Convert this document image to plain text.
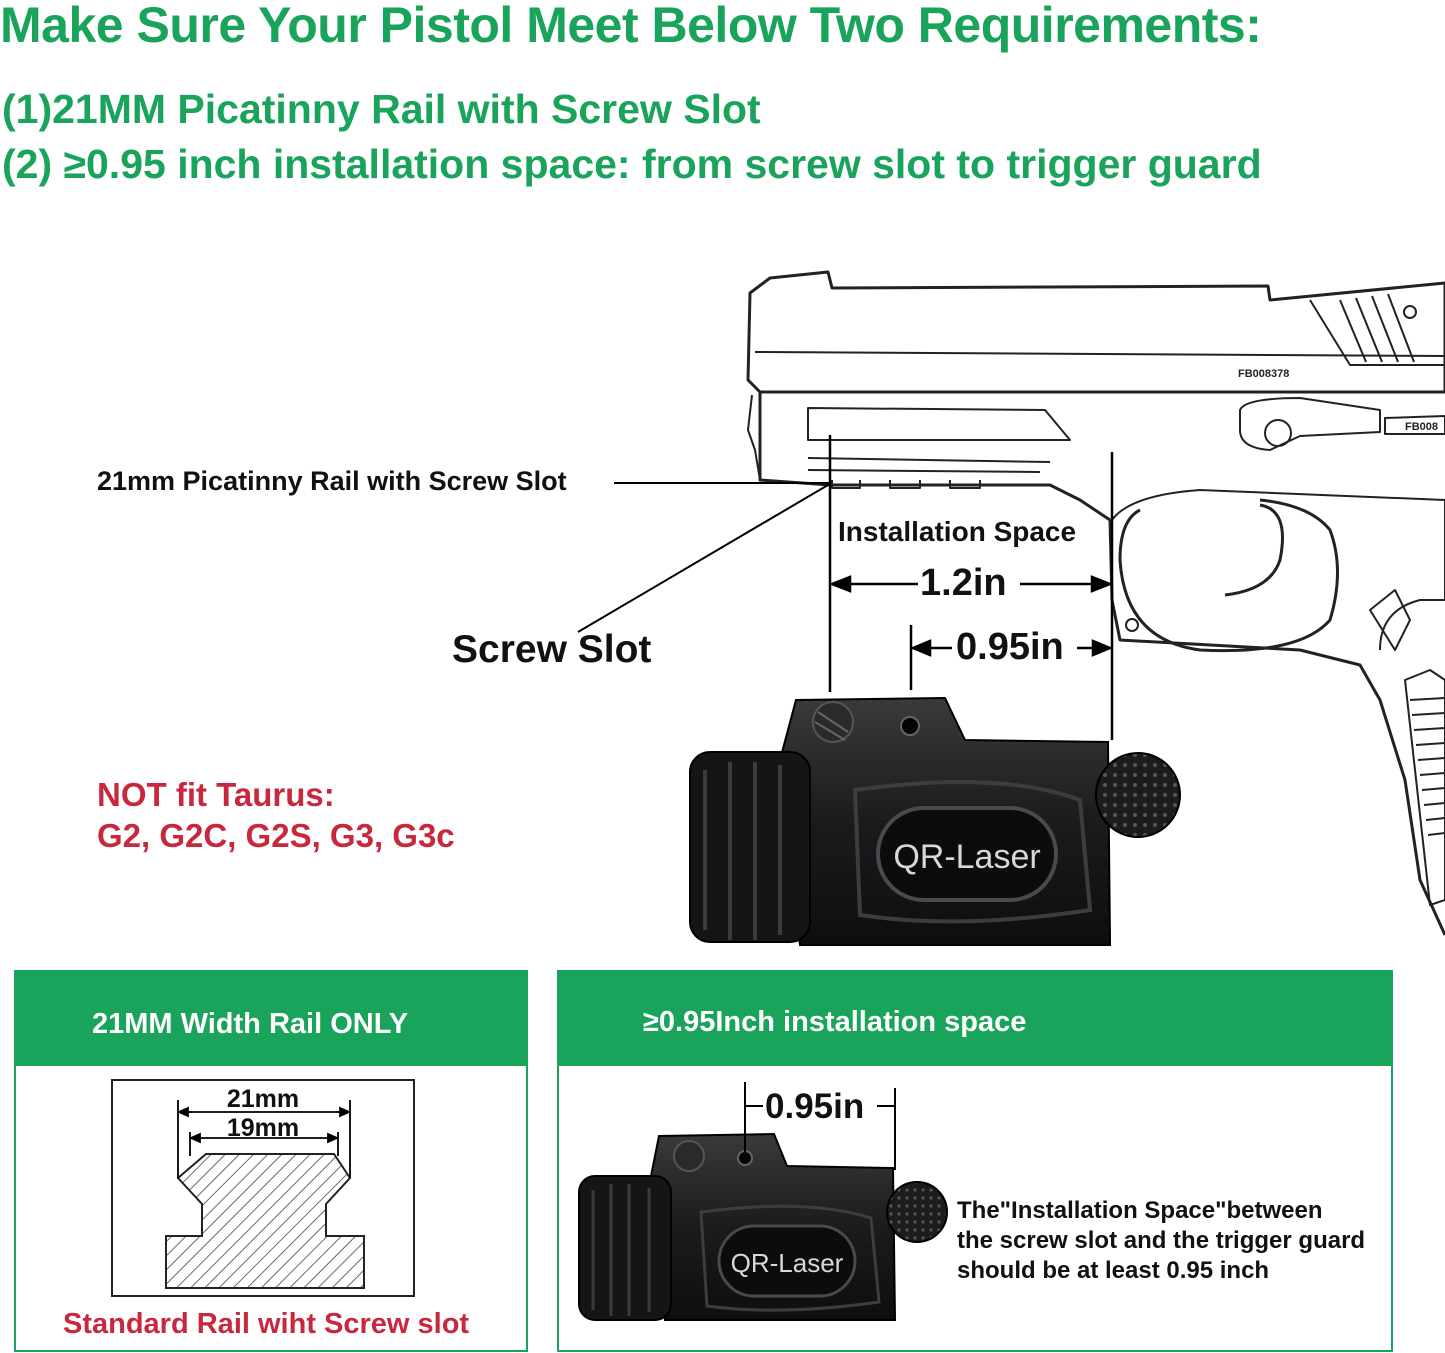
Make Sure Your Pistol Meet Below Two Requirements:
(1)21MM Picatinny Rail with Screw Slot
(2) ≥0.95 inch installation space: from screw slot to trigger guard
FB008378
FB008
QR-Laser
Installation Space
1.2in
0.95in
21mm Picatinny Rail with Screw Slot
Screw Slot
NOT fit Taurus:
G2, G2C, G2S, G3, G3c
21MM Width Rail ONLY
21mm
19mm
Standard Rail wiht Screw slot
≥0.95Inch installation space
QR-Laser
0.95in
The"Installation Space"between
the screw slot and the trigger guard
should be at least 0.95 inch
